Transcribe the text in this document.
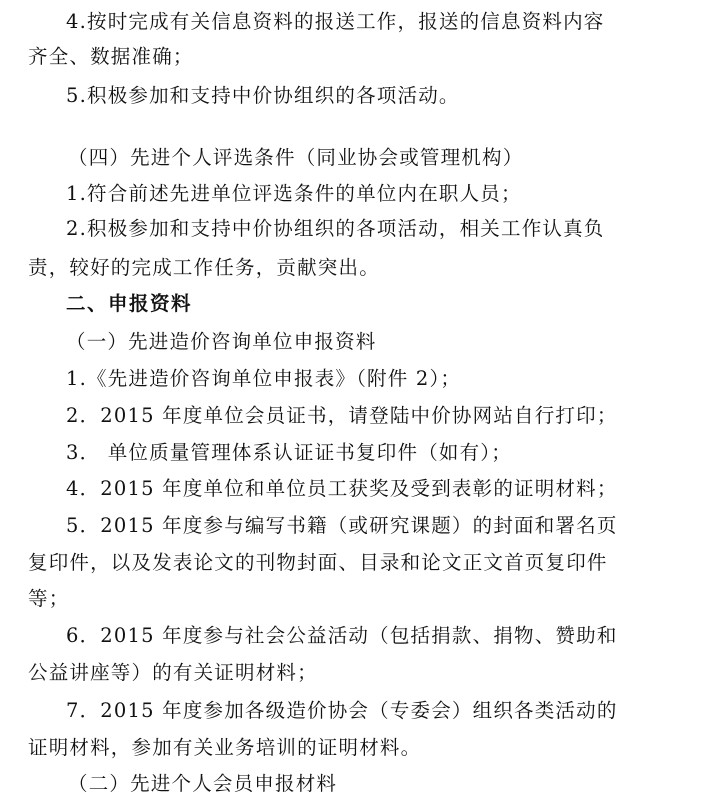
4.按时完成有关信息资料的报送工作，报送的信息资料内容
齐全、数据准确；
5.积极参加和支持中价协组织的各项活动。
（四）先进个人评选条件（同业协会或管理机构）
1.符合前述先进单位评选条件的单位内在职人员；
2.积极参加和支持中价协组织的各项活动，相关工作认真负
责，较好的完成工作任务，贡献突出。
二、申报资料
（一）先进造价咨询单位申报资料
1.《先进造价咨询单位申报表》（附件 2）；
2．2015 年度单位会员证书，请登陆中价协网站自行打印；
3． 单位质量管理体系认证证书复印件（如有）；
4．2015 年度单位和单位员工获奖及受到表彰的证明材料；
5．2015 年度参与编写书籍（或研究课题）的封面和署名页
复印件，以及发表论文的刊物封面、目录和论文正文首页复印件
等；
6．2015 年度参与社会公益活动（包括捐款、捐物、赞助和
公益讲座等）的有关证明材料；
7．2015 年度参加各级造价协会（专委会）组织各类活动的
证明材料，参加有关业务培训的证明材料。
（二）先进个人会员申报材料
